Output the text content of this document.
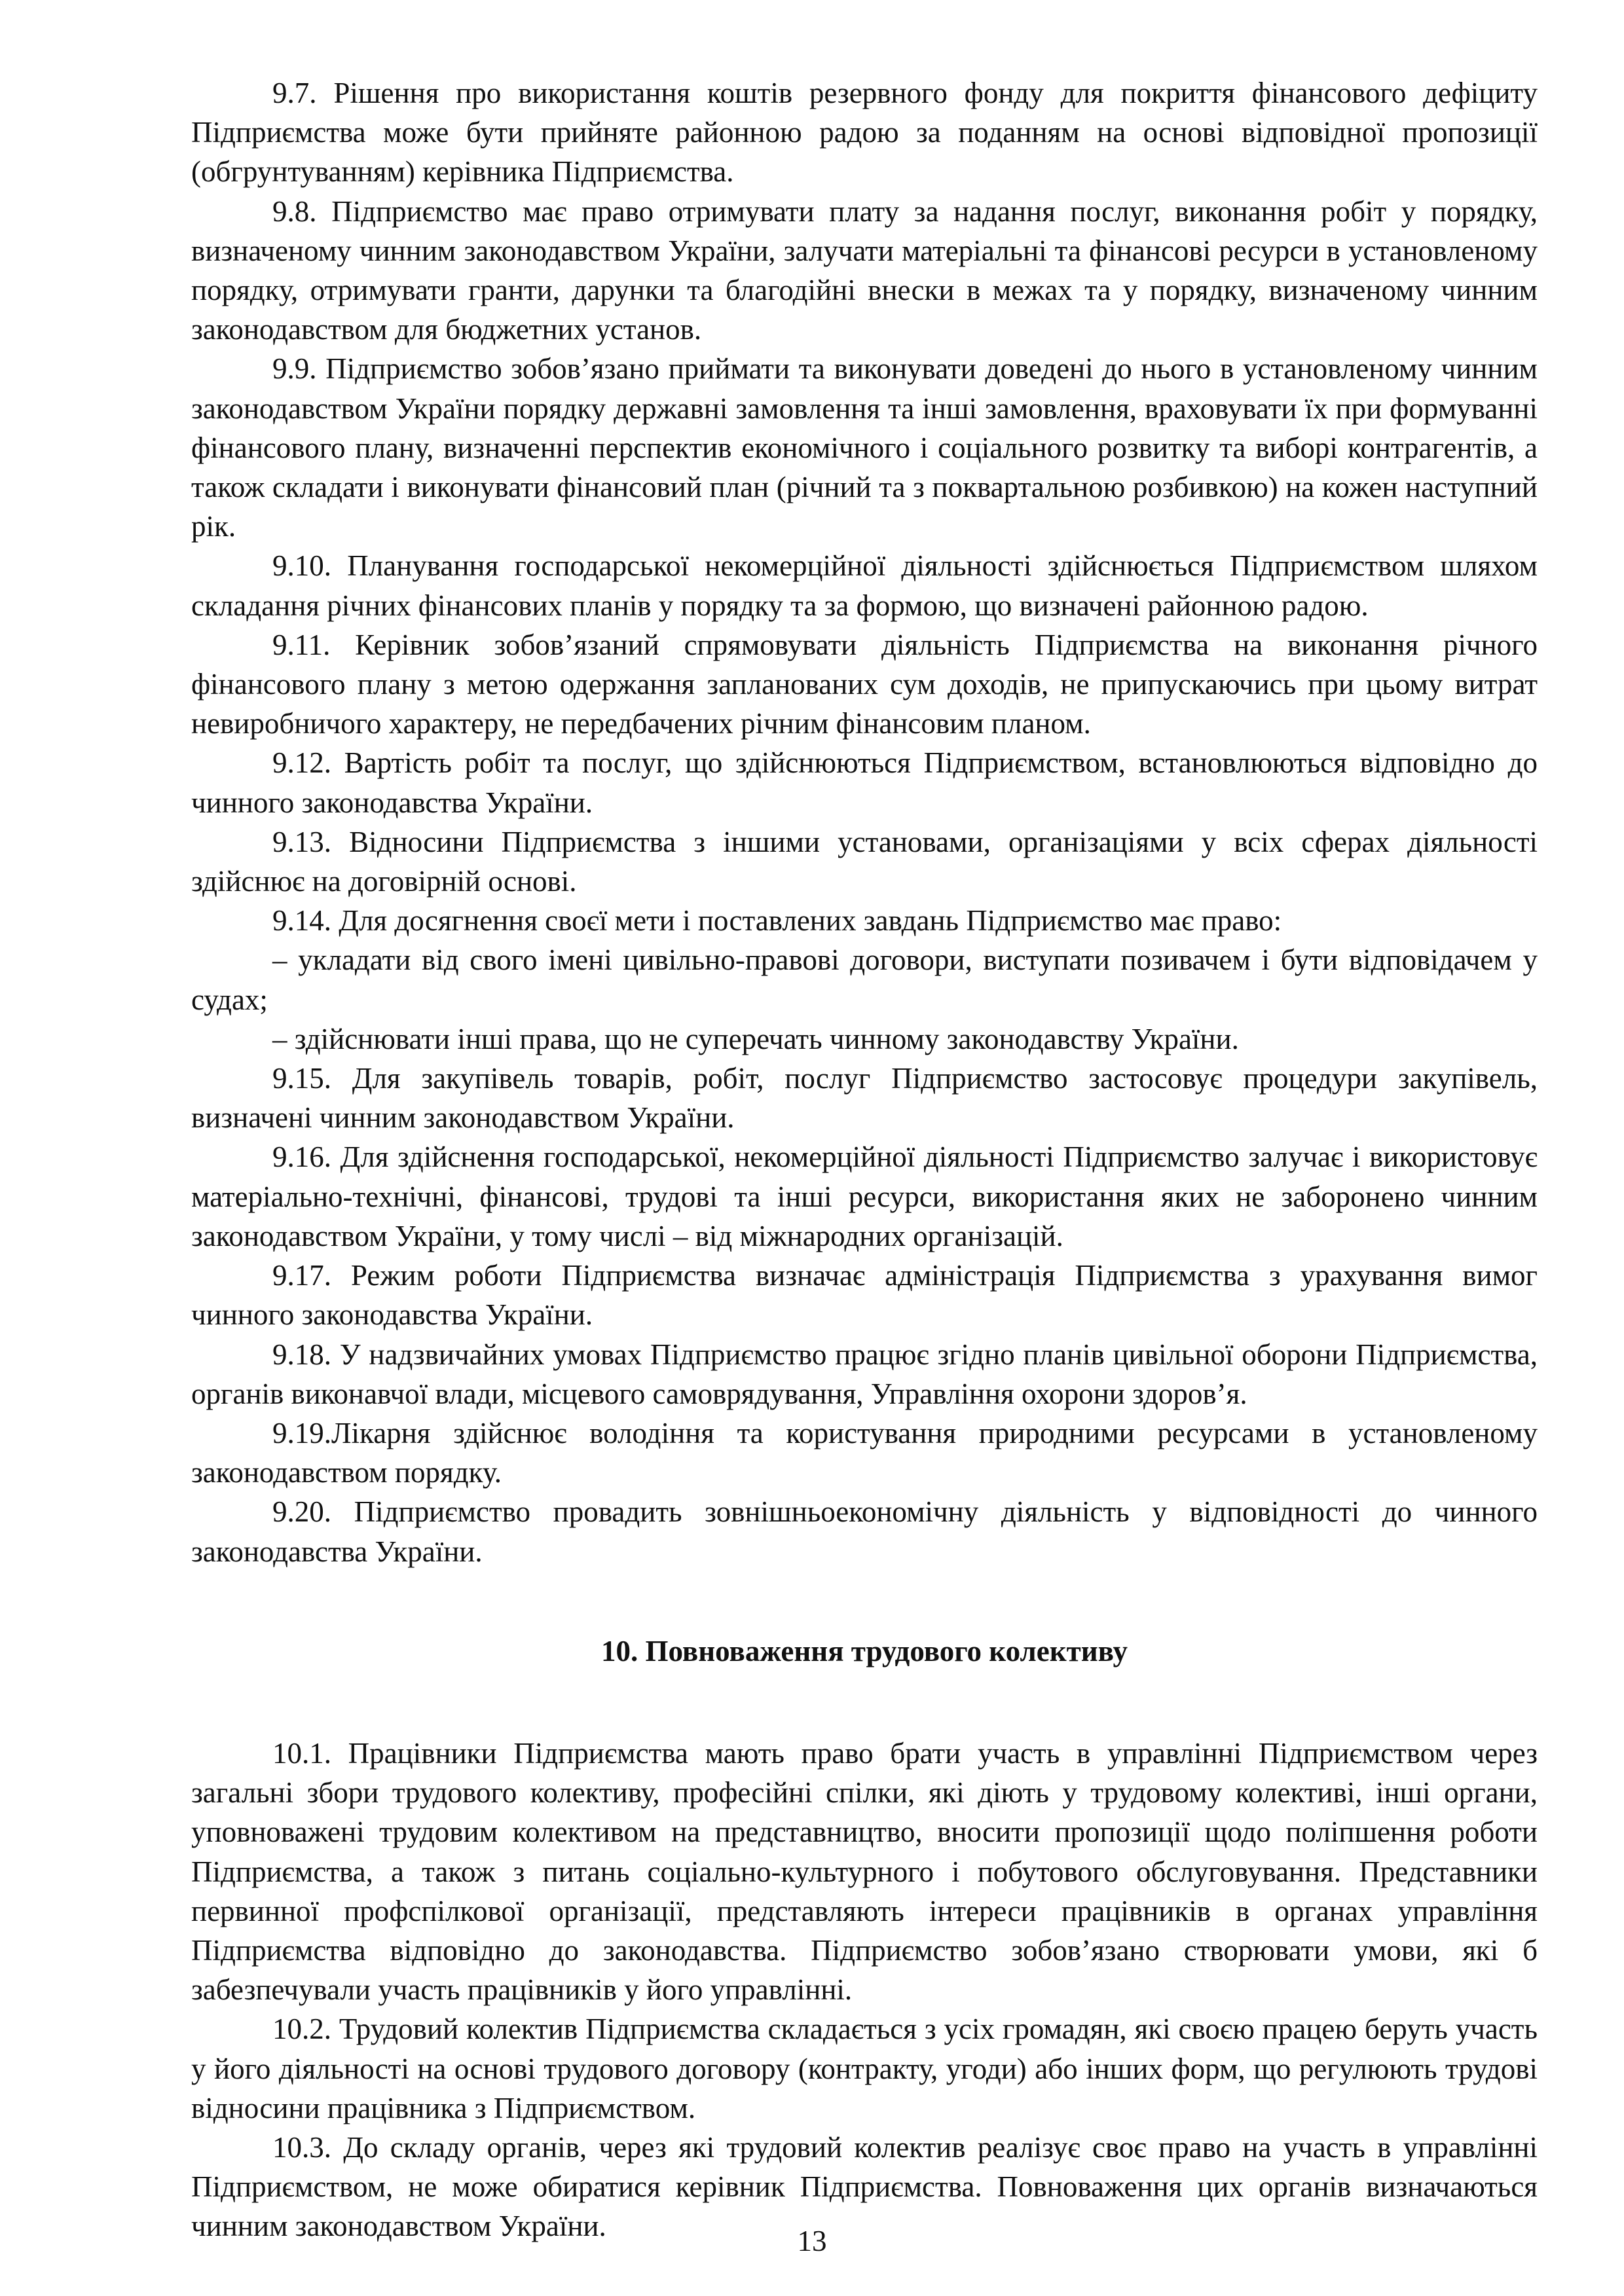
9.7. Рішення про використання коштів резервного фонду для покриття фінансового дефіциту Підприємства може бути прийняте районною радою за поданням на основі відповідної пропозиції (обгрунтуванням) керівника Підприємства.

9.8. Підприємство має право отримувати плату за надання послуг, виконання робіт у порядку, визначеному чинним законодавством України, залучати матеріальні та фінансові ресурси в установленому порядку, отримувати гранти, дарунки та благодійні внески в межах та у порядку, визначеному чинним законодавством для бюджетних установ.

9.9. Підприємство зобов’язано приймати та виконувати доведені до нього в установленому чинним законодавством України порядку державні замовлення та інші замовлення, враховувати їх при формуванні фінансового плану, визначенні перспектив економічного і соціального розвитку та виборі контрагентів, а також складати і виконувати фінансовий план (річний та з поквартальною розбивкою) на кожен наступний рік.

9.10. Планування господарської некомерційної діяльності здійснюється Підприємством шляхом складання річних фінансових планів у порядку та за формою, що визначені районною радою.

9.11. Керівник зобов’язаний спрямовувати діяльність Підприємства на виконання річного фінансового плану з метою одержання запланованих сум доходів, не припускаючись при цьому витрат невиробничого характеру, не передбачених річним фінансовим планом.

9.12. Вартість робіт та послуг, що здійснюються Підприємством, встановлюються відповідно до чинного законодавства України.

9.13. Відносини Підприємства з іншими установами, організаціями у всіх сферах діяльності здійснює на договірній основі.

9.14. Для досягнення своєї мети і поставлених завдань Підприємство має право:

– укладати від свого імені цивільно-правові договори, виступати позивачем і бути відповідачем у судах;

– здійснювати інші права, що не суперечать чинному законодавству України.

9.15. Для закупівель товарів, робіт, послуг Підприємство застосовує процедури закупівель, визначені чинним законодавством України.

9.16. Для здійснення господарської, некомерційної діяльності Підприємство залучає і використовує матеріально-технічні, фінансові, трудові та інші ресурси, використання яких не заборонено чинним законодавством України, у тому числі – від міжнародних організацій.

9.17. Режим роботи Підприємства визначає адміністрація Підприємства з урахування вимог чинного законодавства України.

9.18. У надзвичайних умовах Підприємство працює згідно планів цивільної оборони Підприємства, органів виконавчої влади, місцевого самоврядування, Управління охорони здоров’я.

9.19.Лікарня здійснює володіння та користування природними ресурсами в установленому законодавством порядку.

9.20. Підприємство провадить зовнішньоекономічну діяльність у відповідності до чинного законодавства України.

10. Повноваження трудового колективу

10.1. Працівники Підприємства мають право брати участь в управлінні Підприємством через загальні збори трудового колективу, професійні спілки, які діють у трудовому колективі, інші органи, уповноважені трудовим колективом на представництво, вносити пропозиції щодо поліпшення роботи Підприємства, а також з питань соціально-культурного і побутового обслуговування. Представники первинної профспілкової організації, представляють інтереси працівників в органах управління Підприємства відповідно до законодавства. Підприємство зобов’язано створювати умови, які б забезпечували участь працівників у його управлінні.

10.2. Трудовий колектив Підприємства складається з усіх громадян, які своєю працею беруть участь у його діяльності на основі трудового договору (контракту, угоди) або інших форм, що регулюють трудові відносини працівника з Підприємством.

10.3. До складу органів, через які трудовий колектив реалізує своє право на участь в управлінні Підприємством, не може обиратися керівник Підприємства. Повноваження цих органів визначаються чинним законодавством України.	13
